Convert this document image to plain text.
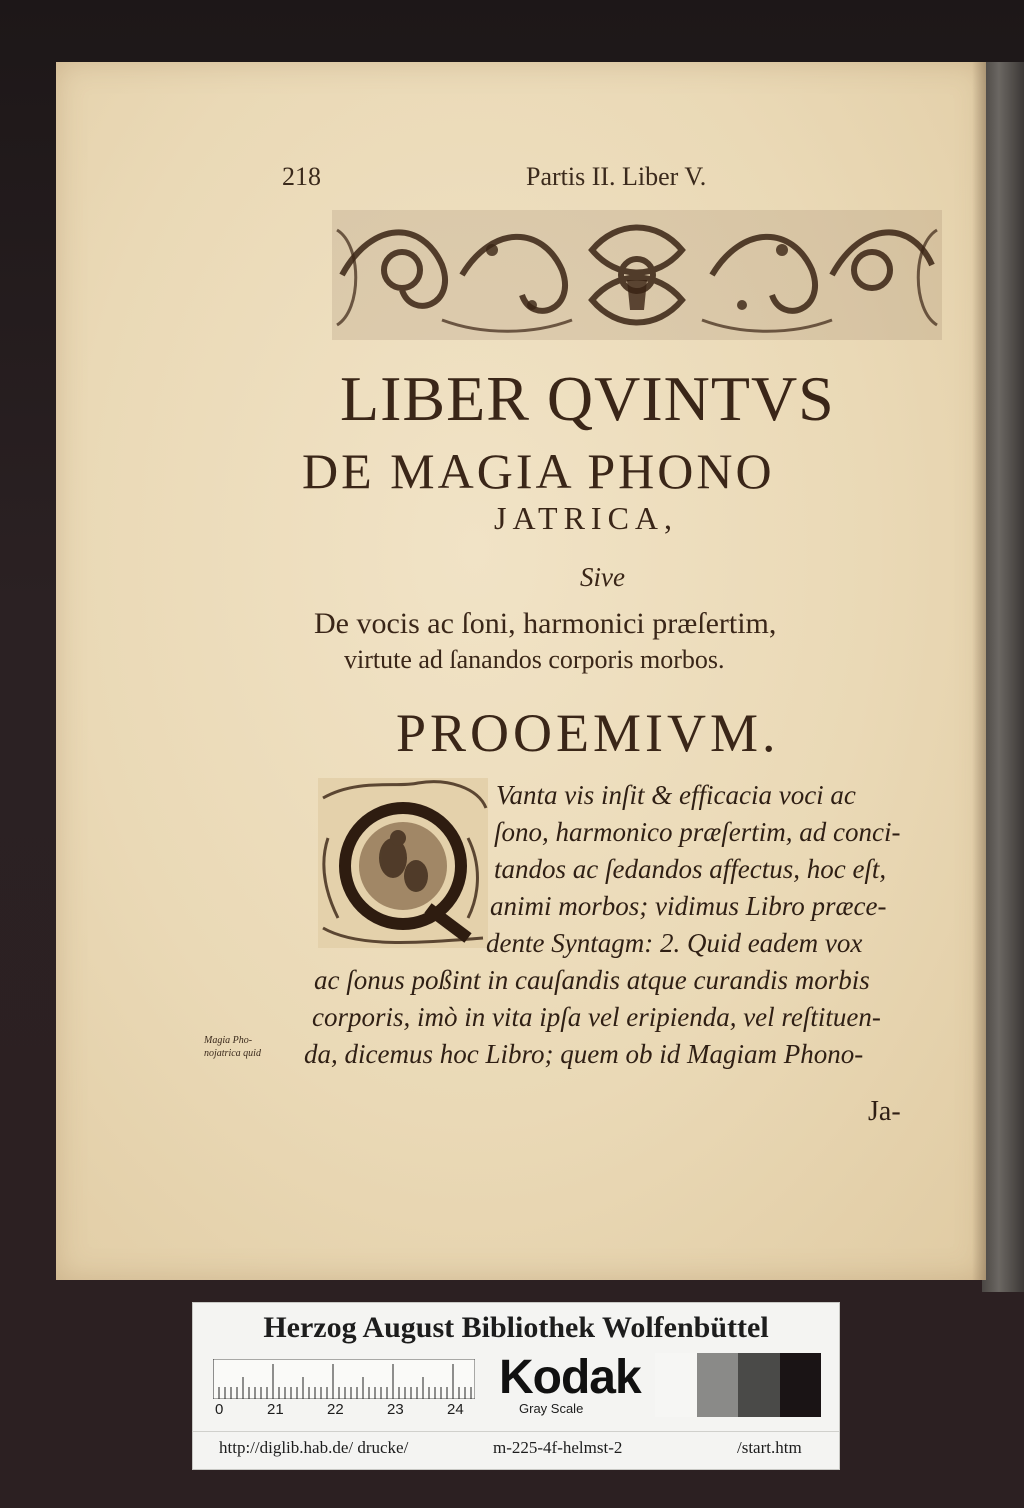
218	Partis II. Liber V.
LIBER QVINTVS
DE MAGIA PHONO
JATRICA,
Sive
De vocis ac ſoni, harmonici præſertim,
virtute ad ſanandos corporis morbos.
PROOEMIVM.
Vanta vis inſit & efficacia voci ac
ſono, harmonico præſertim, ad conci-
tandos ac ſedandos affectus, hoc eſt,
animi morbos; vidimus Libro præce-
dente Syntagm: 2. Quid eadem vox
ac ſonus poßint in cauſandis atque curandis morbis
corporis, imò in vita ipſa vel eripienda, vel reſtituen-
da, dicemus hoc Libro; quem ob id Magiam Phono-
Magia Pho-
nojatrica quid
Ja-
Herzog August Bibliothek Wolfenbüttel
0	21	22	23	24
Kodak
Gray Scale
http://diglib.hab.de/ drucke/	m-225-4f-helmst-2	/start.htm
